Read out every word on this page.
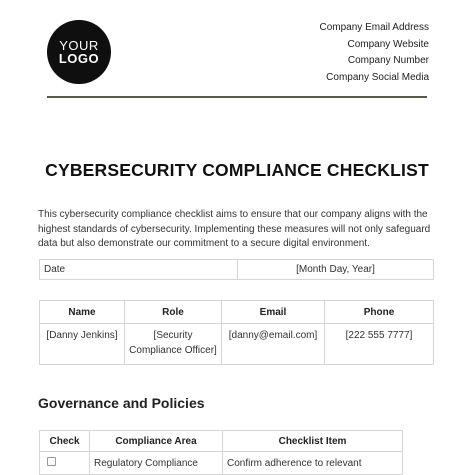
YOUR
LOGO
Company Email Address
Company Website
Company Number
Company Social Media
CYBERSECURITY COMPLIANCE CHECKLIST
This cybersecurity compliance checklist aims to ensure that our company aligns with the highest standards of cybersecurity. Implementing these measures will not only safeguard data but also demonstrate our commitment to a secure digital environment.
Date	[Month Day, Year]
Name	Role	Email	Phone
[Danny Jenkins]	[Security Compliance Officer]	[danny@email.com]	[222 555 7777]
Governance and Policies
Check	Compliance Area	Checklist Item
	Regulatory Compliance	Confirm adherence to relevant
